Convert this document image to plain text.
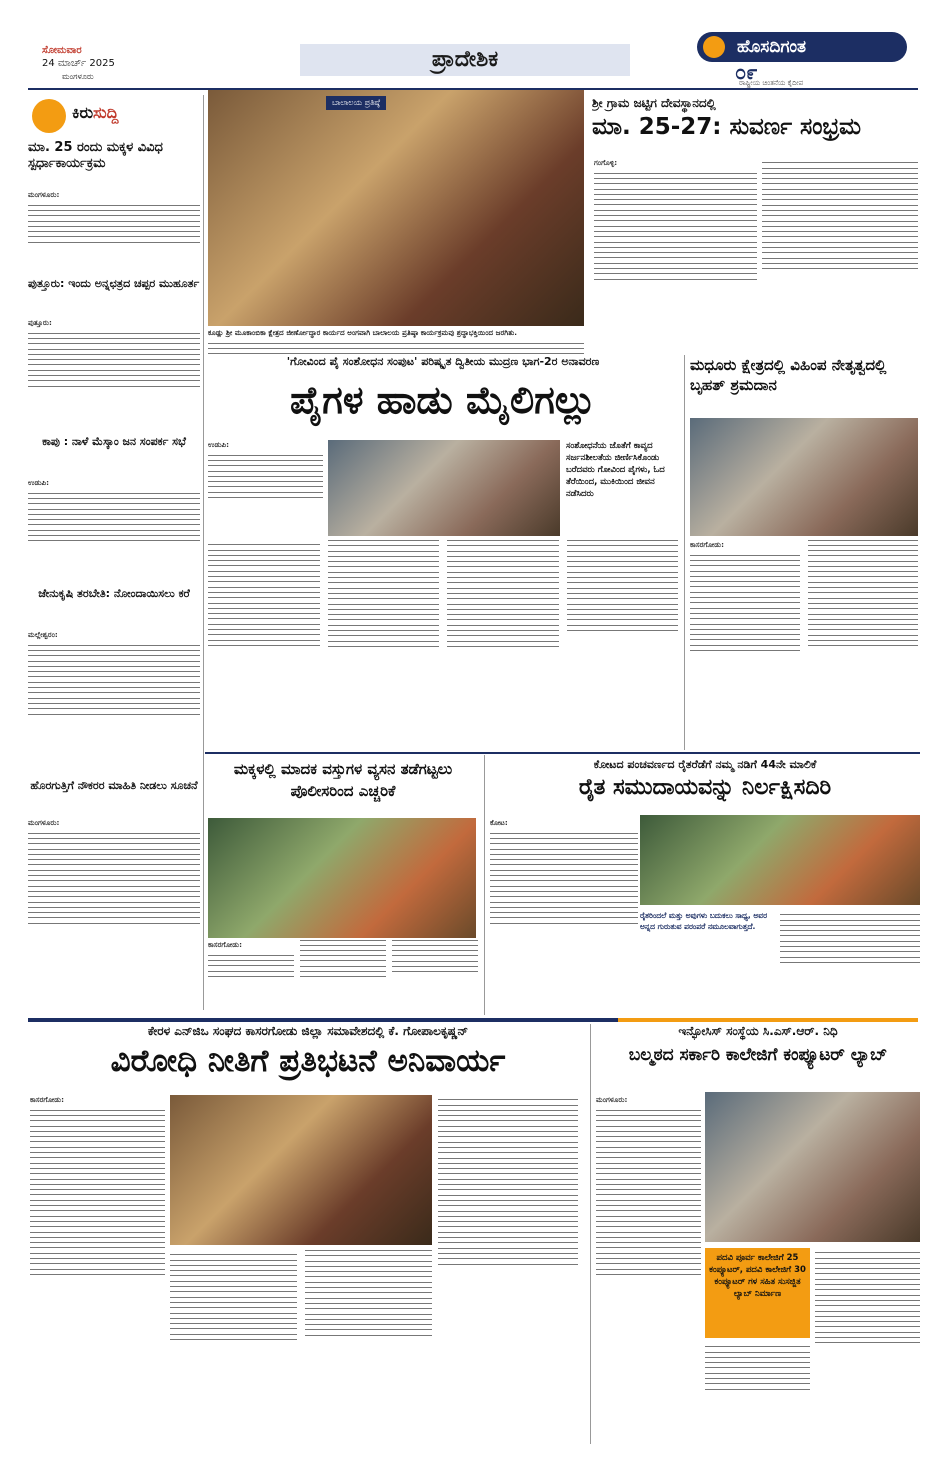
ಸೋಮವಾರ
24 ಮಾರ್ಚ್ 2025
ಮಂಗಳೂರು
ಪ್ರಾದೇಶಿಕ	ಹೊಸದಿಗಂತ
೦೯
ರಾಷ್ಟ್ರೀಯ ಚಿಂತನೆಯ ಕೈದೀಪ
ಕಿರುಸುದ್ದಿ
ಮಾ. 25 ರಂದು ಮಕ್ಕಳ ವಿವಿಧ ಸ್ಪರ್ಧಾಕಾರ್ಯಕ್ರಮ
ಮಂಗಳೂರು:
ಪುತ್ತೂರು: ಇಂದು ಅನ್ನಛತ್ರದ ಚಪ್ಪರ ಮುಹೂರ್ತ
ಪುತ್ತೂರು:
ಕಾಪು : ನಾಳೆ ಮೆಸ್ಕಾಂ ಜನ ಸಂಪರ್ಕ ಸಭೆ
ಉಡುಪಿ:
ಜೇನುಕೃಷಿ ತರಬೇತಿ: ನೋಂದಾಯಿಸಲು ಕರೆ
ಮಲ್ಲೇಶ್ವರಂ:
ಹೊರಗುತ್ತಿಗೆ ನೌಕರರ ಮಾಹಿತಿ ನೀಡಲು ಸೂಚನೆ
ಮಂಗಳೂರು:
ಬಾಲಾಲಯ ಪ್ರತಿಷ್ಠೆ
ಕೂಡ್ಲು ಶ್ರೀ ಮೂಕಾಂಬಿಕಾ ಕ್ಷೇತ್ರದ ಜೀರ್ಣೋದ್ಧಾರ ಕಾರ್ಯದ ಅಂಗವಾಗಿ ಬಾಲಾಲಯ ಪ್ರತಿಷ್ಠಾ ಕಾರ್ಯಕ್ರಮವು ಶ್ರದ್ಧಾಭಕ್ತಿಯಿಂದ ಜರಗಿತು.
ಶ್ರೀ ಗ್ರಾಮ ಜಟ್ಟಿಗ ದೇವಸ್ಥಾನದಲ್ಲಿ
ಮಾ. 25-27: ಸುವರ್ಣ ಸಂಭ್ರಮ
ಗಂಗೊಳ್ಳಿ:
'ಗೋವಿಂದ ಪೈ ಸಂಶೋಧನ ಸಂಪುಟ' ಪರಿಷ್ಕೃತ ದ್ವಿತೀಯ ಮುದ್ರಣ ಭಾಗ-2ರ ಅನಾವರಣ
ಪೈಗಳ ಹಾಡು ಮೈಲಿಗಲ್ಲು
ಉಡುಪಿ:	ಸಂಶೋಧನೆಯ ಜೊತೆಗೆ ಕಾವ್ಯದ ಸರ್ಜನಶೀಲತೆಯ ಜೀರ್ಣಿಸಿಕೊಂಡು ಬರೆದವರು ಗೋವಿಂದ ಪೈಗಳು, ಓದ ತೆರೆಯಿಂದ, ಮುಕಿಯಿಂದ ಜೀವನ ನಡೆಸಿದರು
ಮಧೂರು ಕ್ಷೇತ್ರದಲ್ಲಿ ವಿಹಿಂಪ ನೇತೃತ್ವದಲ್ಲಿ ಬೃಹತ್ ಶ್ರಮದಾನ
ಕಾಸರಗೋಡು:
ಮಕ್ಕಳಲ್ಲಿ ಮಾದಕ ವಸ್ತುಗಳ ವ್ಯಸನ ತಡೆಗಟ್ಟಲು ಪೊಲೀಸರಿಂದ ಎಚ್ಚರಿಕೆ
ಕಾಸರಗೋಡು:
ಕೋಟದ ಪಂಚವರ್ಣದ ರೈತರೆಡೆಗೆ ನಮ್ಮ ನಡಿಗೆ 44ನೇ ಮಾಲಿಕೆ
ರೈತ ಸಮುದಾಯವನ್ನು ನಿರ್ಲಕ್ಷಿಸದಿರಿ
ಕೋಟ:
ರೈತರಿಂದಲೆ ಮತ್ತು ಅವುಗಳು ಬದುಕಲು ಸಾಧ್ಯ, ಅವರ ಅನ್ನದ ಗುರುತುವ ಪರಂಪರೆ ನಮೂಲವಾಗುತ್ತದೆ.
ಕೇರಳ ಎನ್‌ಜಿಒ ಸಂಘದ ಕಾಸರಗೋಡು ಜಿಲ್ಲಾ ಸಮಾವೇಶದಲ್ಲಿ ಕೆ. ಗೋಪಾಲಕೃಷ್ಣನ್
ವಿರೋಧಿ ನೀತಿಗೆ ಪ್ರತಿಭಟನೆ ಅನಿವಾರ್ಯ
ಕಾಸರಗೋಡು:
ಇನ್ಫೋಸಿಸ್ ಸಂಸ್ಥೆಯ ಸಿ.ಎಸ್.ಆರ್. ನಿಧಿ
ಬಲ್ಮಠದ ಸರ್ಕಾರಿ ಕಾಲೇಜಿಗೆ ಕಂಪ್ಯೂಟರ್ ಲ್ಯಾಬ್
ಮಂಗಳೂರು:
ಪದವಿ ಪೂರ್ವ ಕಾಲೇಜಿಗೆ 25 ಕಂಪ್ಯೂಟರ್, ಪದವಿ ಕಾಲೇಜಿಗೆ 30 ಕಂಪ್ಯೂಟರ್ ಗಳ ಸಹಿತ ಸುಸಜ್ಜಿತ ಲ್ಯಾಬ್ ನಿರ್ಮಾಣ
